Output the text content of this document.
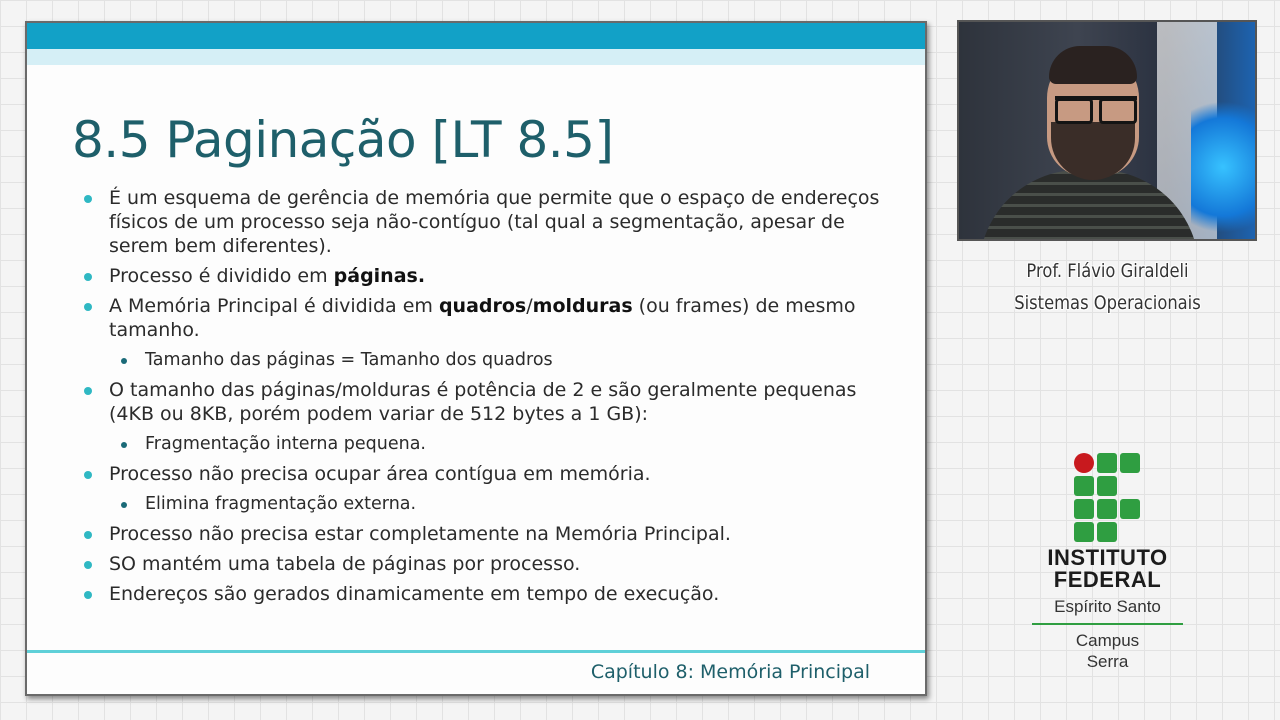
8.5 Paginação [LT 8.5]
É um esquema de gerência de memória que permite que o espaço de endereços físicos de um processo seja não-contíguo (tal qual a segmentação, apesar de serem bem diferentes).
Processo é dividido em páginas.
A Memória Principal é dividida em quadros/molduras (ou frames) de mesmo tamanho.
Tamanho das páginas = Tamanho dos quadros
O tamanho das páginas/molduras é potência de 2 e são geralmente pequenas (4KB ou 8KB, porém podem variar de 512 bytes a 1 GB):
Fragmentação interna pequena.
Processo não precisa ocupar área contígua em memória.
Elimina fragmentação externa.
Processo não precisa estar completamente na Memória Principal.
SO mantém uma tabela de páginas por processo.
Endereços são gerados dinamicamente em tempo de execução.
Capítulo 8: Memória Principal
Prof. Flávio Giraldeli
Sistemas Operacionais
INSTITUTO
FEDERAL
Espírito Santo
Campus
Serra
